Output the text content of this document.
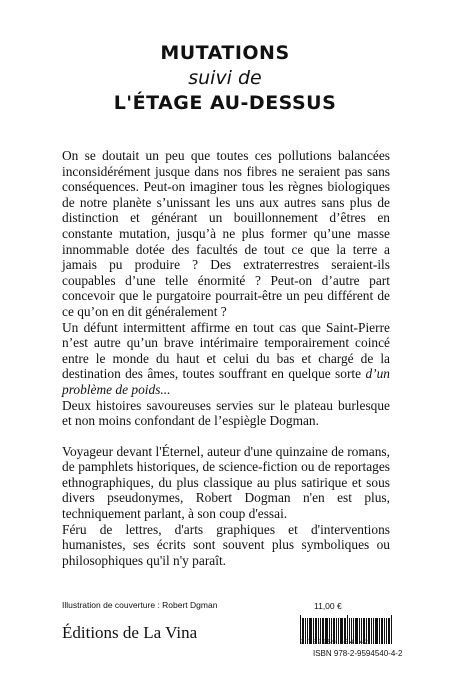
MUTATIONS
suivi de
L'ÉTAGE AU-DESSUS

On se doutait un peu que toutes ces pollutions balancées inconsidérément jusque dans nos fibres ne seraient pas sans conséquences. Peut-on imaginer tous les règnes biologiques de notre planète s’unissant les uns aux autres sans plus de distinction et générant un bouillonnement d’êtres en constante mutation, jusqu’à ne plus former qu’une masse innommable dotée des facultés de tout ce que la terre a jamais pu produire ? Des extraterrestres seraient-ils coupables d’une telle énormité ? Peut-on d’autre part concevoir que le purgatoire pourrait-être un peu différent de ce qu’on en dit généralement ?

Un défunt intermittent affirme en tout cas que Saint-Pierre n’est autre qu’un brave intérimaire temporairement coincé entre le monde du haut et celui du bas et chargé de la destination des âmes, toutes souffrant en quelque sorte d’un problème de poids...

Deux histoires savoureuses servies sur le plateau burlesque et non moins confondant de l’espiègle Dogman.

Voyageur devant l'Éternel, auteur d'une quinzaine de romans, de pamphlets historiques, de science-fiction ou de reportages ethnographiques, du plus classique au plus satirique et sous divers pseudonymes, Robert Dogman n'en est plus, techniquement parlant, à son coup d'essai.

Féru de lettres, d'arts graphiques et d'interventions humanistes, ses écrits sont souvent plus symboliques ou philosophiques qu'il n'y paraît.

Illustration de couverture : Robert Dgman	11,00 €
Éditions de La Vina
9 782959 454842
ISBN 978-2-9594540-4-2
